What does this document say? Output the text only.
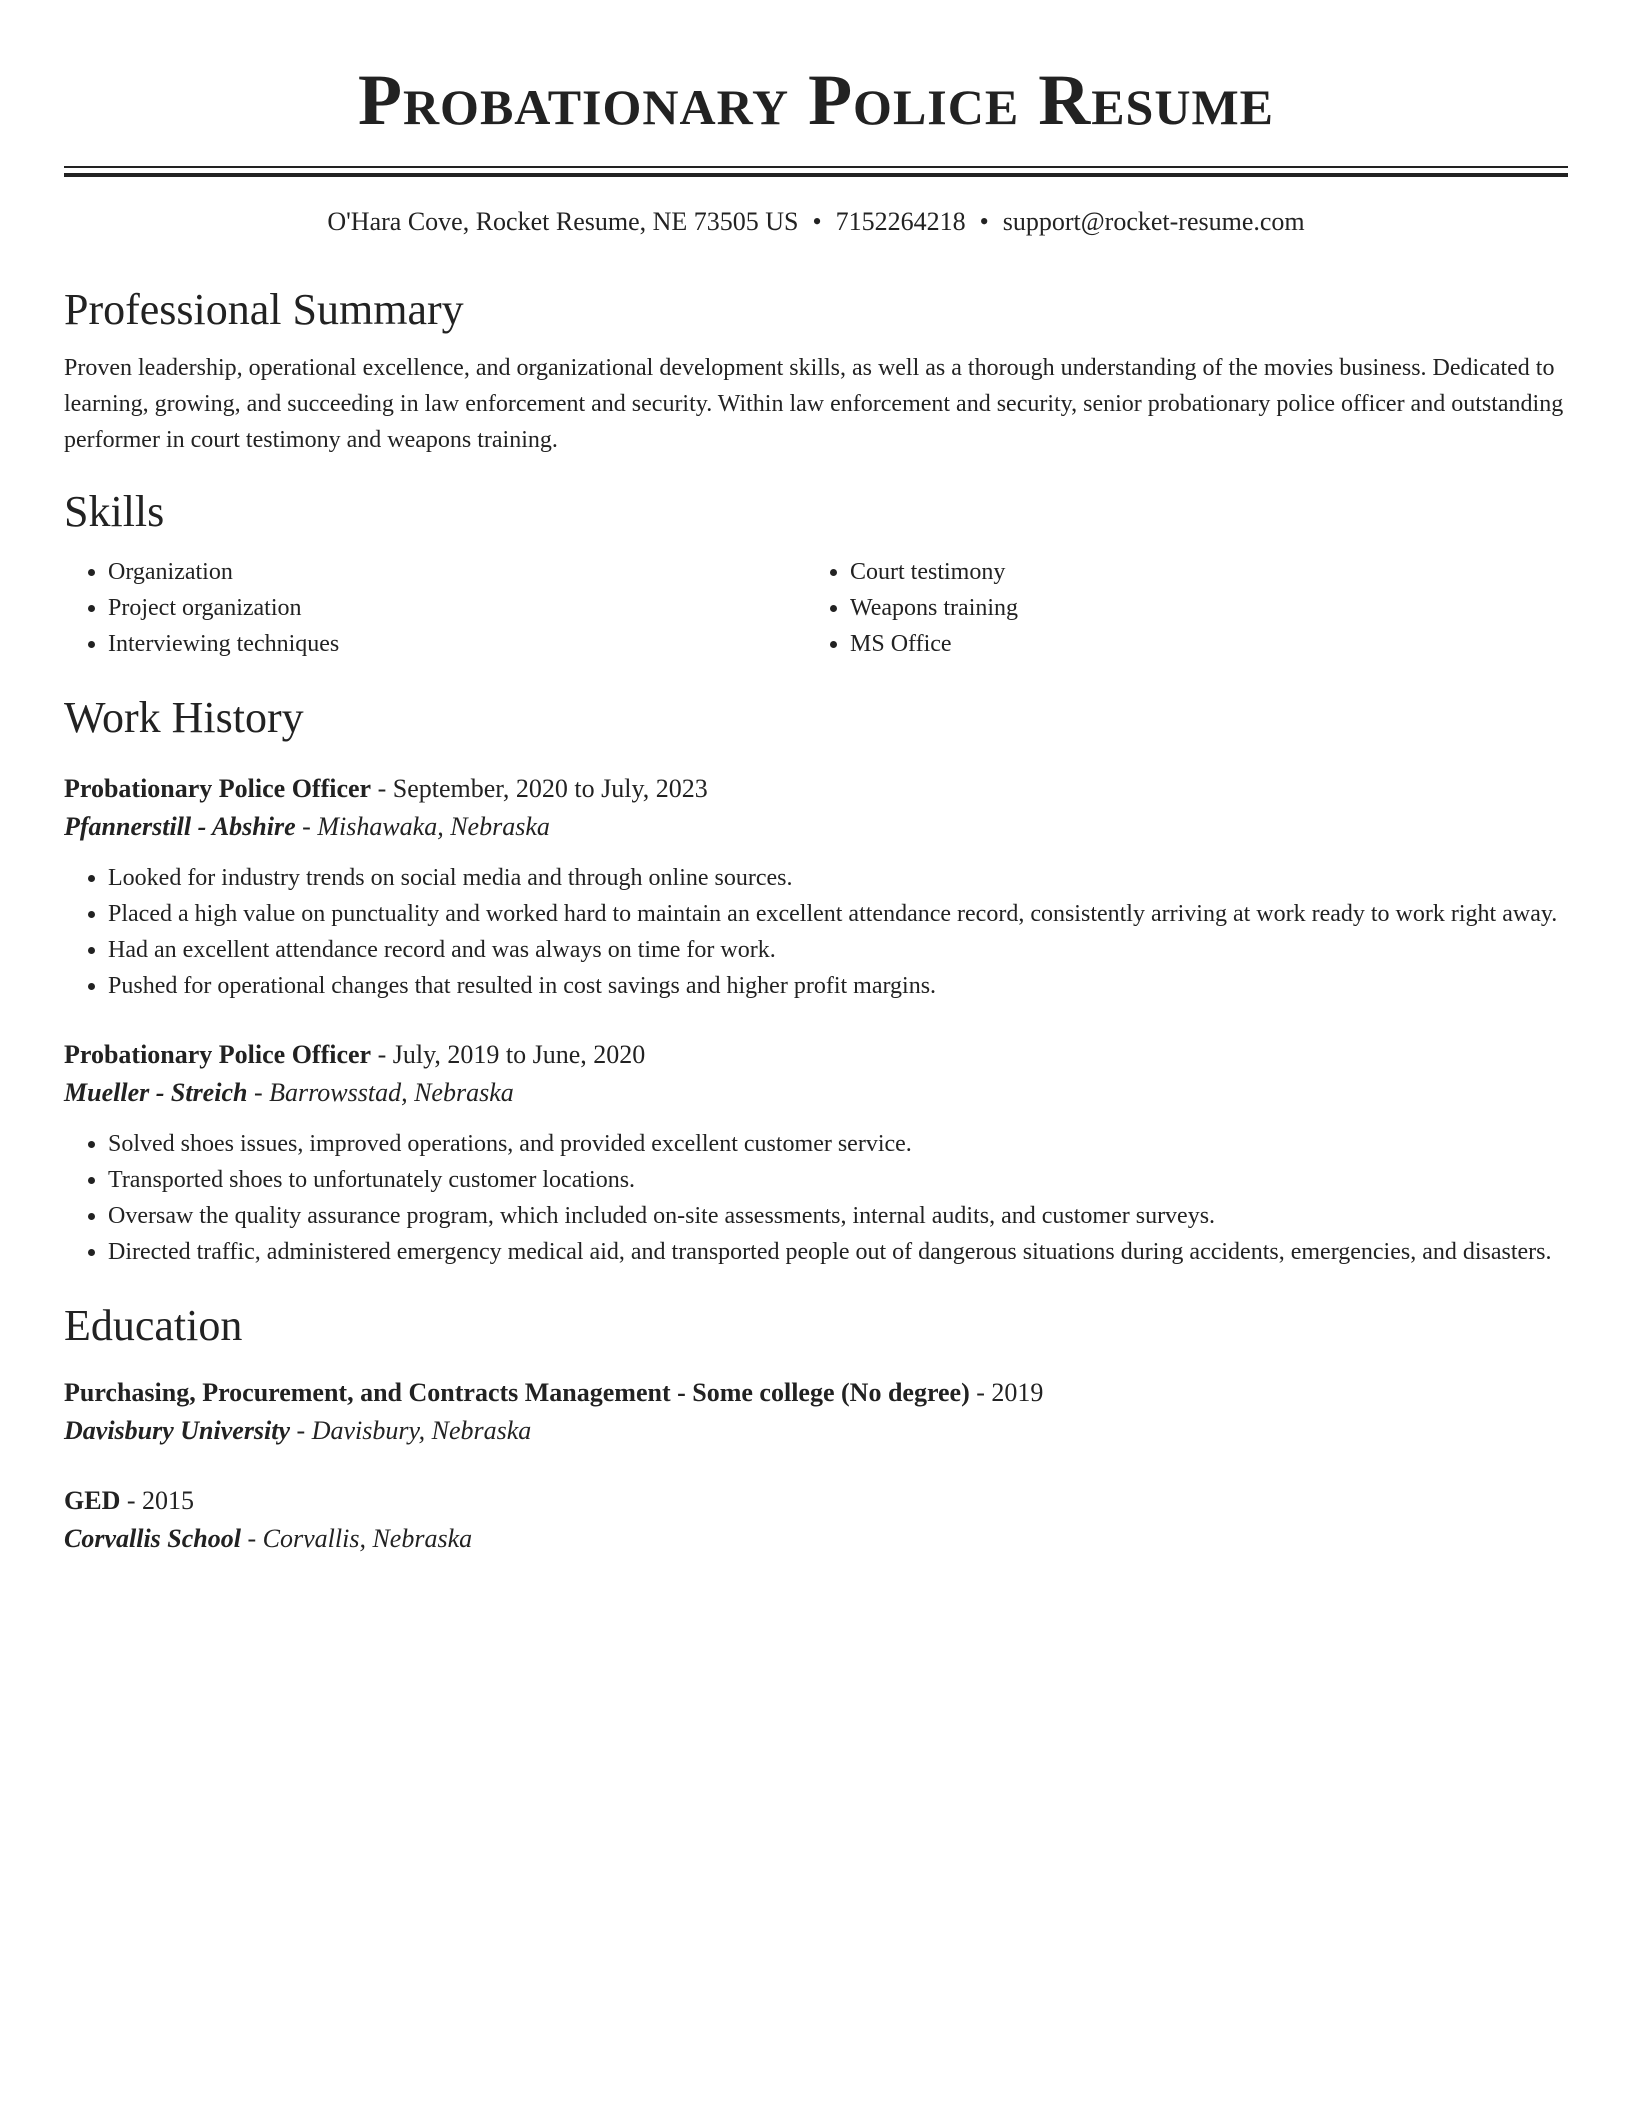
Probationary Police Resume
O'Hara Cove, Rocket Resume, NE 73505 US • 7152264218 • support@rocket-resume.com
Professional Summary
Proven leadership, operational excellence, and organizational development skills, as well as a thorough understanding of the movies business. Dedicated to learning, growing, and succeeding in law enforcement and security. Within law enforcement and security, senior probationary police officer and outstanding performer in court testimony and weapons training.
Skills
• Organization
• Project organization
• Interviewing techniques
• Court testimony
• Weapons training
• MS Office
Work History
Probationary Police Officer - September, 2020 to July, 2023
Pfannerstill - Abshire - Mishawaka, Nebraska
• Looked for industry trends on social media and through online sources.
• Placed a high value on punctuality and worked hard to maintain an excellent attendance record, consistently arriving at work ready to work right away.
• Had an excellent attendance record and was always on time for work.
• Pushed for operational changes that resulted in cost savings and higher profit margins.
Probationary Police Officer - July, 2019 to June, 2020
Mueller - Streich - Barrowsstad, Nebraska
• Solved shoes issues, improved operations, and provided excellent customer service.
• Transported shoes to unfortunately customer locations.
• Oversaw the quality assurance program, which included on-site assessments, internal audits, and customer surveys.
• Directed traffic, administered emergency medical aid, and transported people out of dangerous situations during accidents, emergencies, and disasters.
Education
Purchasing, Procurement, and Contracts Management - Some college (No degree) - 2019
Davisbury University - Davisbury, Nebraska
GED - 2015
Corvallis School - Corvallis, Nebraska
